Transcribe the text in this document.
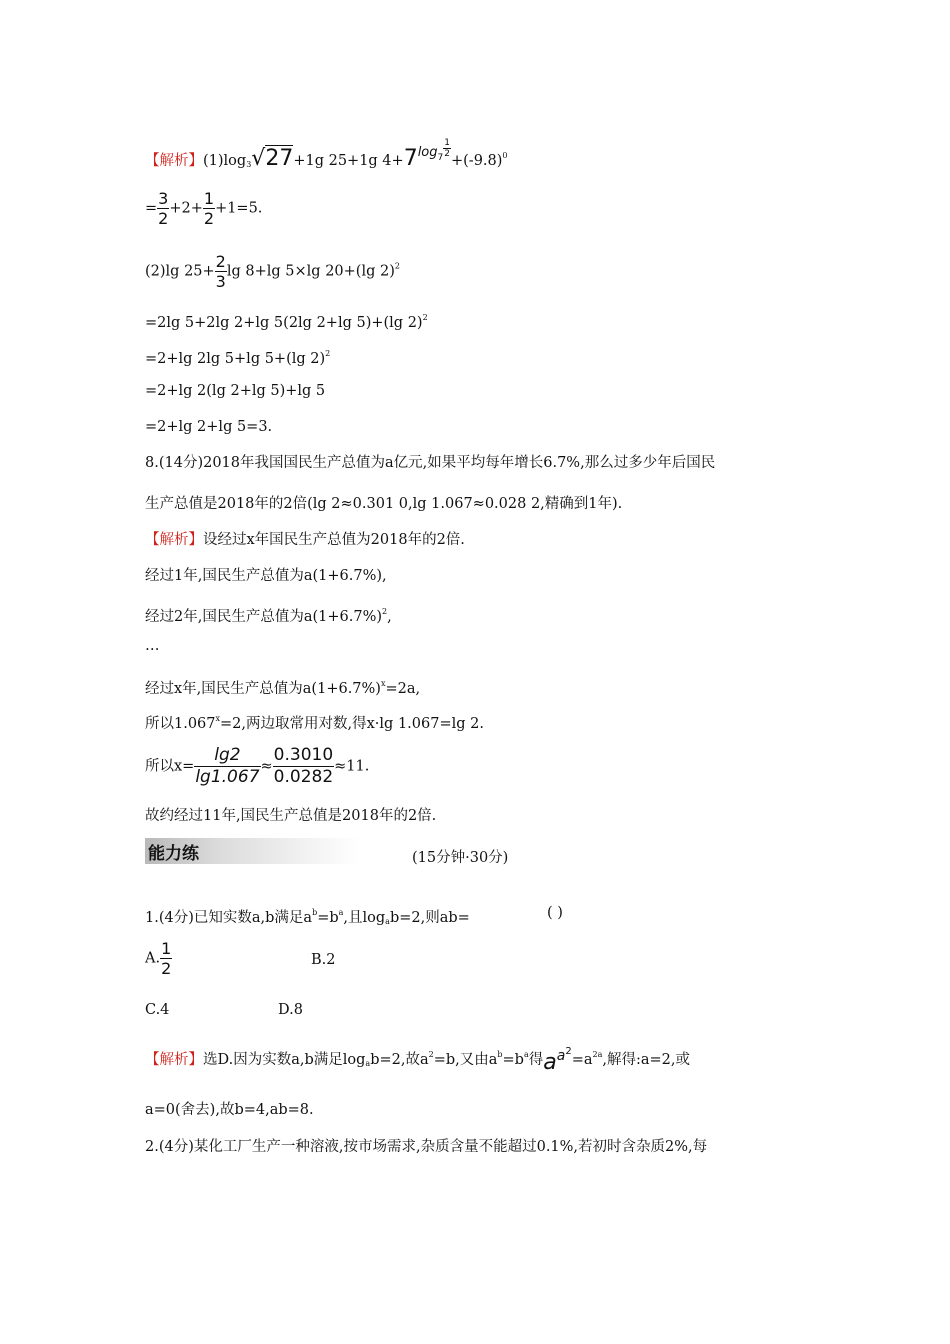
【解析】$(1)\log_3√27+1g$ 25+1g $4+7\log^7 \frac{1}{2}$
$+(-9.8)^0$
= $\frac{3}{2} +2+ \frac{1}{2} +1=5$.
(2)lg $25+ \frac{2}{3}$ lg 8+lg 5×lg 20+(lg 2)$^2$
=2lg 5+2lg 2+lg 5(2lg 2+lg 5)+(lg 2)$^2$
=2+lg 2lg 5+lg 5+(lg 2)$^2$
=2+lg 2(lg 2+lg 5)+lg 5
=2+lg 2+lg 5=3.
8.(14分)2018年我国国民生产总值为a亿元,如果平均每年增长6.7%,那么过多少年后国民
生产总值是2018年的2倍(lg 2≈0.301 0,lg 1.067≈0.028 2,精确到1年).
【解析】设经过x年国民生产总值为2018年的2倍.
经过1年,国民生产总值为a(1+6.7%),
经过2年,国民生产总值为$a(1+6.7\%)^2$,
…
经过x年,国民生产总值为$a(1+6.7\%)^x=2a$,
所以$1.067^x=2$,两边取常用对数,得x·lg 1.067=lg 2.
所以$x= \frac{\lg 2}{\lg 1.067} \approx \frac{0.3010}{0.0282} \approx 11$.
故约经过11年,国民生产总值是2018年的2倍.
能力练	(15分钟·30分)
1.(4分)已知实数a,b满足$a^b=b^a$,且$\log_ab=2$,则ab=	( )
A. $\frac{1}{2}$	B.2
C.4	D.8
【解析】选D.因为实数a,b满足$\log_ab=2$,故$a^2=b$,又由$a^b=b^a$得$aa^2=a^{2a}$,解得:a=2,或
a=0(舍去),故b=4,ab=8.
2.(4分)某化工厂生产一种溶液,按市场需求,杂质含量不能超过0.1%,若初时含杂质2%,每
